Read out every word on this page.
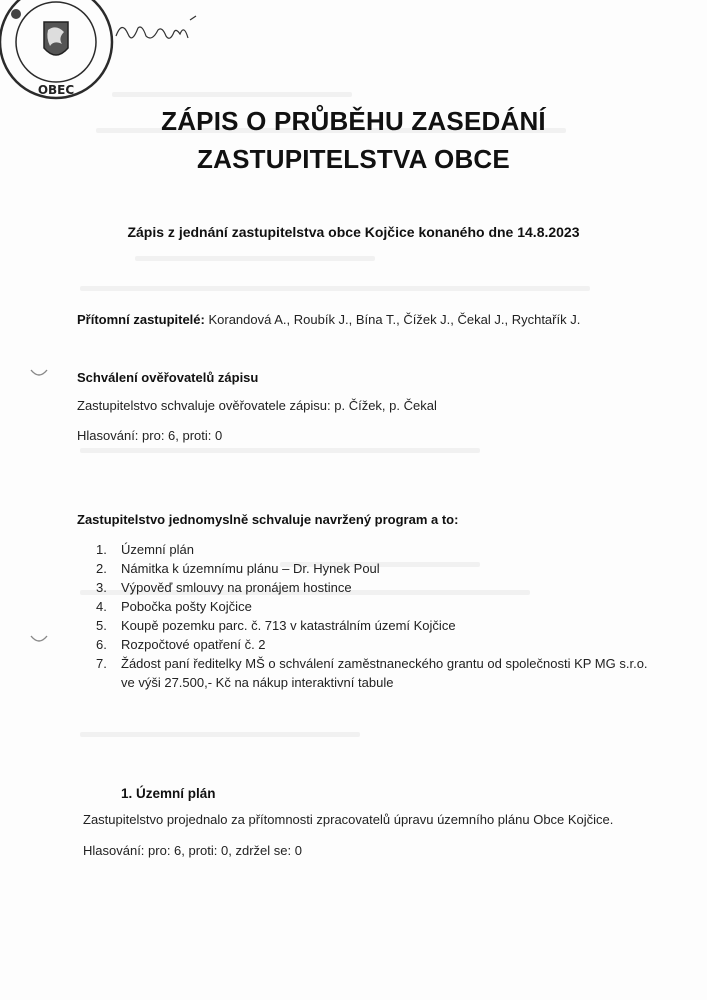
OBEC
ZÁPIS O PRŮBĚHU ZASEDÁNÍ
ZASTUPITELSTVA OBCE
Zápis z jednání zastupitelstva obce Kojčice konaného dne 14.8.2023
Přítomní zastupitelé: Korandová A., Roubík J., Bína T., Čížek J., Čekal J., Rychtařík J.
Schválení ověřovatelů zápisu
Zastupitelstvo schvaluje ověřovatele zápisu: p. Čížek, p. Čekal
Hlasování: pro: 6, proti: 0
Zastupitelstvo jednomyslně schvaluje navržený program a to:
1. Územní plán
2. Námitka k územnímu plánu – Dr. Hynek Poul
3. Výpověď smlouvy na pronájem hostince
4. Pobočka pošty Kojčice
5. Koupě pozemku parc. č. 713 v katastrálním území Kojčice
6. Rozpočtové opatření č. 2
7. Žádost paní ředitelky MŠ o schválení zaměstnaneckého grantu od společnosti KP MG s.r.o. ve výši 27.500,- Kč na nákup interaktivní tabule
1. Územní plán
Zastupitelstvo projednalo za přítomnosti zpracovatelů úpravu územního plánu Obce Kojčice.
Hlasování: pro: 6, proti: 0, zdržel se: 0
